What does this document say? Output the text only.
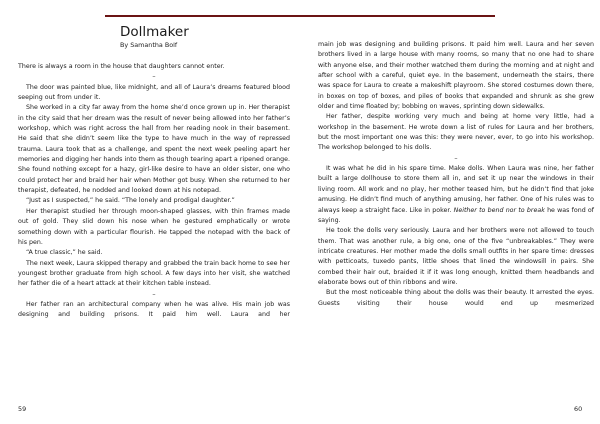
Dollmaker
By Samantha Bolf

There is always a room in the house that daughters cannot enter.

–

The door was painted blue, like midnight, and all of Laura’s dreams featured blood seeping out from under it.

She worked in a city far away from the home she’d once grown up in. Her therapist in the city said that her dream was the result of never being allowed into her father’s workshop, which was right across the hall from her reading nook in their basement. He said that she didn’t seem like the type to have much in the way of repressed trauma. Laura took that as a challenge, and spent the next week peeling apart her memories and digging her hands into them as though tearing apart a ripened orange. She found nothing except for a hazy, girl-like desire to have an older sister, one who could protect her and braid her hair when Mother got busy. When she returned to her therapist, defeated, he nodded and looked down at his notepad.

“Just as I suspected,” he said. “The lonely and prodigal daughter.”

Her therapist studied her through moon-shaped glasses, with thin frames made out of gold. They slid down his nose when he gestured emphatically or wrote something down with a particular flourish. He tapped the notepad with the back of his pen.

“A true classic,” he said.

The next week, Laura skipped therapy and grabbed the train back home to see her youngest brother graduate from high school. A few days into her visit, she watched her father die of a heart attack at their kitchen table instead.

–

Her father ran an architectural company when he was alive. His main job was designing and building prisons. It paid him well. Laura and her

59

main job was designing and building prisons. It paid him well. Laura and her seven brothers lived in a large house with many rooms, so many that no one had to share with anyone else, and their mother watched them during the morning and at night and after school with a careful, quiet eye. In the basement, underneath the stairs, there was space for Laura to create a makeshift playroom. She stored costumes down there, in boxes on top of boxes, and piles of books that expanded and shrunk as she grew older and time floated by; bobbing on waves, sprinting down sidewalks.

Her father, despite working very much and being at home very little, had a workshop in the basement. He wrote down a list of rules for Laura and her brothers, but the most important one was this: they were never, ever, to go into his workshop. The workshop belonged to his dolls.

–

It was what he did in his spare time. Make dolls. When Laura was nine, her father built a large dollhouse to store them all in, and set it up near the windows in their living room. All work and no play, her mother teased him, but he didn’t find that joke amusing. He didn’t find much of anything amusing, her father. One of his rules was to always keep a straight face. Like in poker. Neither to bend nor to break he was fond of saying.

He took the dolls very seriously. Laura and her brothers were not allowed to touch them. That was another rule, a big one, one of the five “unbreakables.” They were intricate creatures. Her mother made the dolls small outfits in her spare time: dresses with petticoats, tuxedo pants, little shoes that lined the windowsill in pairs. She combed their hair out, braided it if it was long enough, knitted them headbands and elaborate bows out of thin ribbons and wire.

But the most noticeable thing about the dolls was their beauty. It arrested the eyes. Guests visiting their house would end up mesmerized

60
